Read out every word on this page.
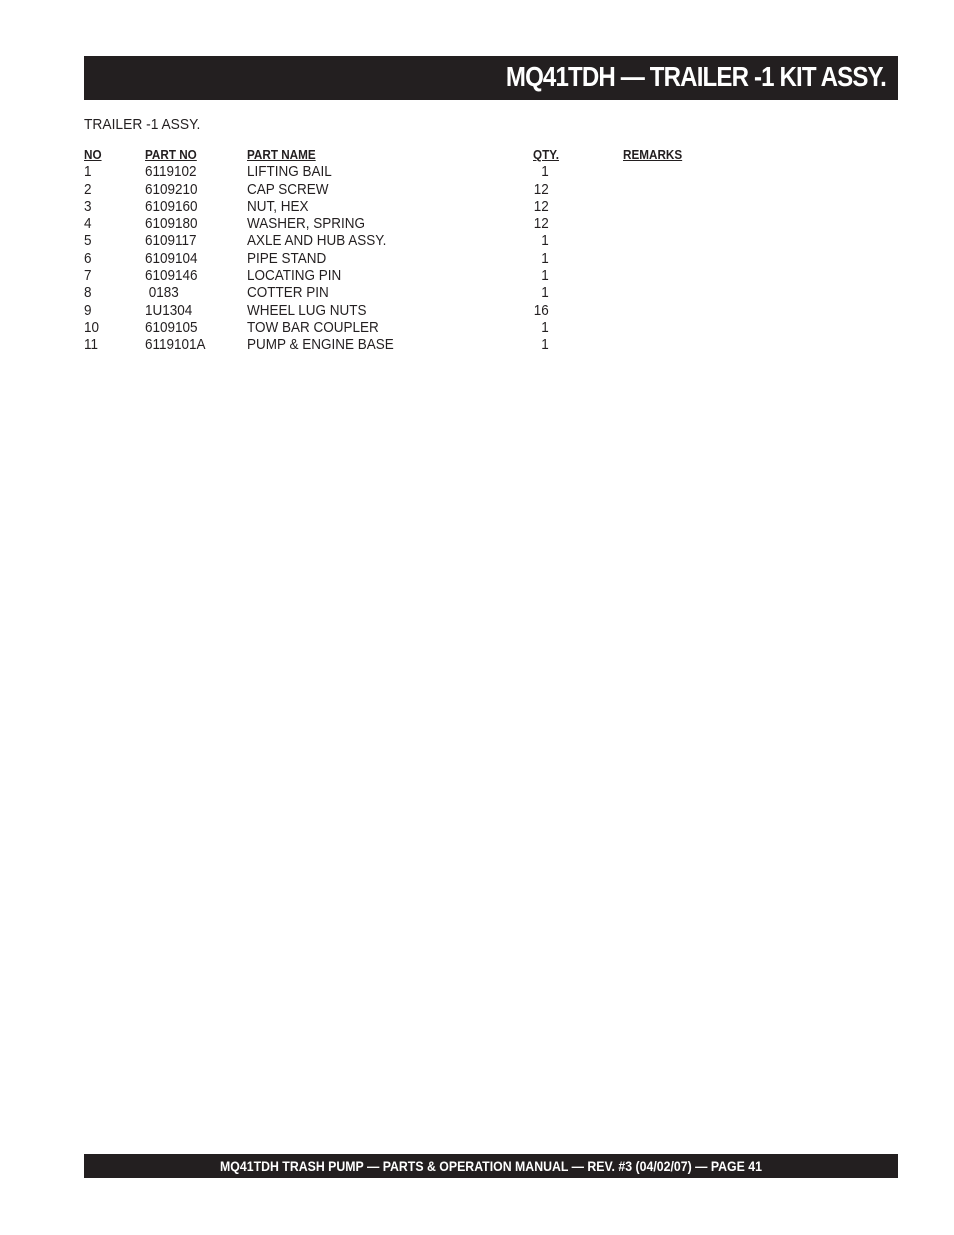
MQ41TDH — TRAILER -1 KIT ASSY.
TRAILER -1 ASSY.
NO	PART NO	PART NAME	QTY.	REMARKS
1	6119102	LIFTING BAIL	1
2	6109210	CAP SCREW	12
3	6109160	NUT, HEX	12
4	6109180	WASHER, SPRING	12
5	6109117	AXLE AND HUB ASSY.	1
6	6109104	PIPE STAND	1
7	6109146	LOCATING PIN	1
8	0183	COTTER PIN	1
9	1U1304	WHEEL LUG NUTS	16
10	6109105	TOW BAR COUPLER	1
11	6119101A	PUMP & ENGINE BASE	1
MQ41TDH TRASH PUMP — PARTS & OPERATION MANUAL — REV. #3 (04/02/07) — PAGE 41
